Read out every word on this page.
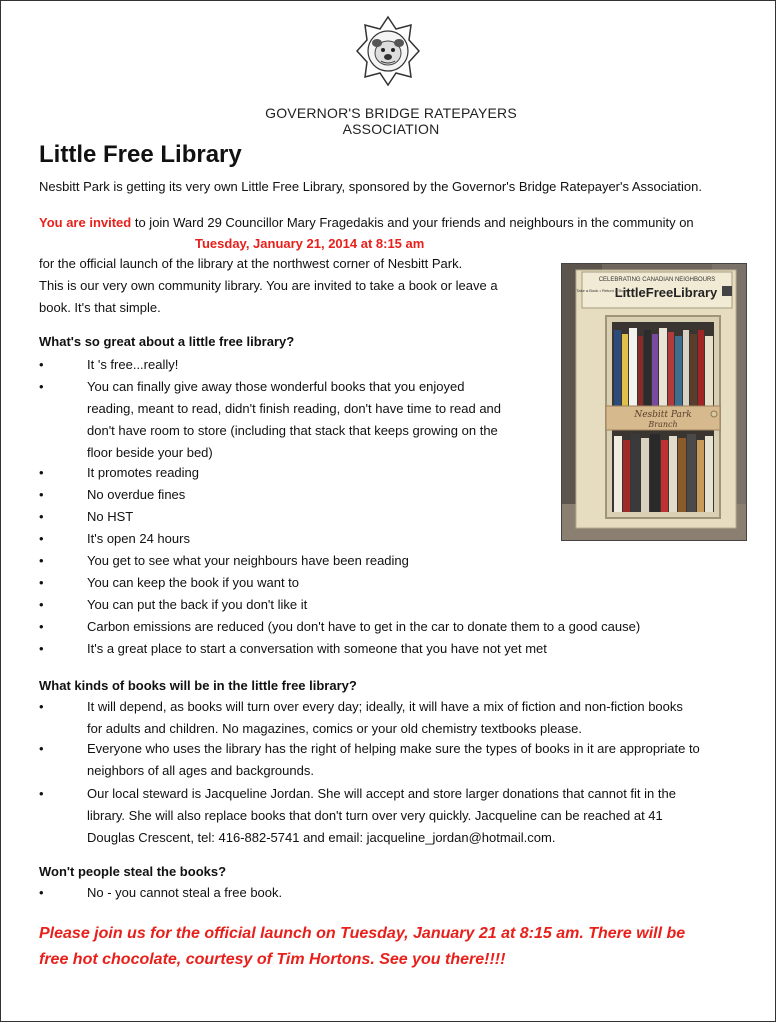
GOVERNOR'S BRIDGE RATEPAYERS ASSOCIATION
Little Free Library
Nesbitt Park is getting its very own Little Free Library, sponsored by the Governor's Bridge Ratepayer's Association.
You are invited to join Ward 29 Councillor Mary Fragedakis and your friends and neighbours in the community on
Tuesday, January 21, 2014 at 8:15 am
for the official launch of the library at the northwest corner of Nesbitt Park.
This is our very own community library. You are invited to take a book or leave a
book. It's that simple.
CELEBRATING CANADIAN NEIGHBOURS
LittleFreeLibrary
Take a Book • Return a Book
Nesbitt Park
Branch
What's so great about a little free library?
•	It 's free...really!
•	You can finally give away those wonderful books that you enjoyed
reading, meant to read, didn't finish reading, don't have time to read and
don't have room to store (including that stack that keeps growing on the
floor beside your bed)
•	It promotes reading
•	No overdue fines
•	No HST
•	It's open 24 hours
•	You get to see what your neighbours have been reading
•	You can keep the book if you want to
•	You can put the back if you don't like it
•	Carbon emissions are reduced (you don't have to get in the car to donate them to a good cause)
•	It's a great place to start a conversation with someone that you have not yet met
What kinds of books will be in the little free library?
•	It will depend, as books will turn over every day; ideally, it will have a mix of fiction and non-fiction books
for adults and children. No magazines, comics or your old chemistry textbooks please.
•	Everyone who uses the library has the right of helping make sure the types of books in it are appropriate to
neighbors of all ages and backgrounds.
•	Our local steward is Jacqueline Jordan. She will accept and store larger donations that cannot fit in the
library. She will also replace books that don't turn over very quickly. Jacqueline can be reached at 41
Douglas Crescent, tel: 416-882-5741 and email: jacqueline_jordan@hotmail.com.
Won't people steal the books?
•	No - you cannot steal a free book.
Please join us for the official launch on Tuesday, January 21 at 8:15 am. There will be
free hot chocolate, courtesy of Tim Hortons. See you there!!!!
